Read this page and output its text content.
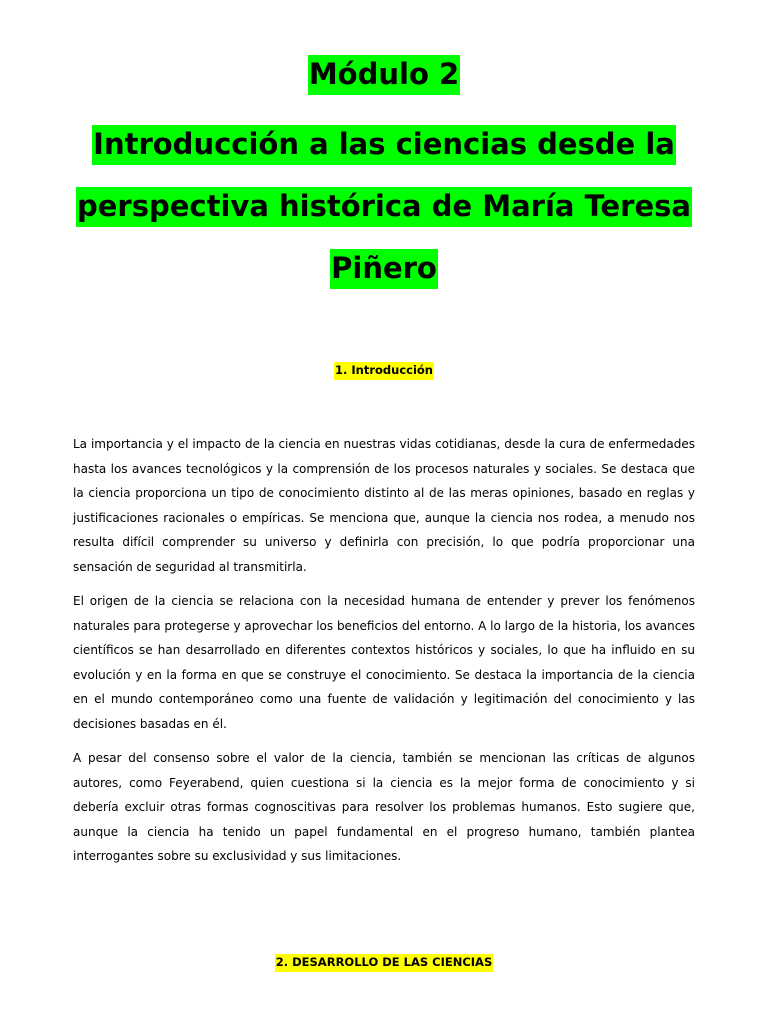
Módulo 2
Introducción a las ciencias desde la perspectiva histórica de María Teresa Piñero

1. Introducción

La importancia y el impacto de la ciencia en nuestras vidas cotidianas, desde la cura de enfermedades hasta los avances tecnológicos y la comprensión de los procesos naturales y sociales. Se destaca que la ciencia proporciona un tipo de conocimiento distinto al de las meras opiniones, basado en reglas y justificaciones racionales o empíricas. Se menciona que, aunque la ciencia nos rodea, a menudo nos resulta difícil comprender su universo y definirla con precisión, lo que podría proporcionar una sensación de seguridad al transmitirla.

El origen de la ciencia se relaciona con la necesidad humana de entender y prever los fenómenos naturales para protegerse y aprovechar los beneficios del entorno. A lo largo de la historia, los avances científicos se han desarrollado en diferentes contextos históricos y sociales, lo que ha influido en su evolución y en la forma en que se construye el conocimiento. Se destaca la importancia de la ciencia en el mundo contemporáneo como una fuente de validación y legitimación del conocimiento y las decisiones basadas en él.

A pesar del consenso sobre el valor de la ciencia, también se mencionan las críticas de algunos autores, como Feyerabend, quien cuestiona si la ciencia es la mejor forma de conocimiento y si debería excluir otras formas cognoscitivas para resolver los problemas humanos. Esto sugiere que, aunque la ciencia ha tenido un papel fundamental en el progreso humano, también plantea interrogantes sobre su exclusividad y sus limitaciones.

2. DESARROLLO DE LAS CIENCIAS
